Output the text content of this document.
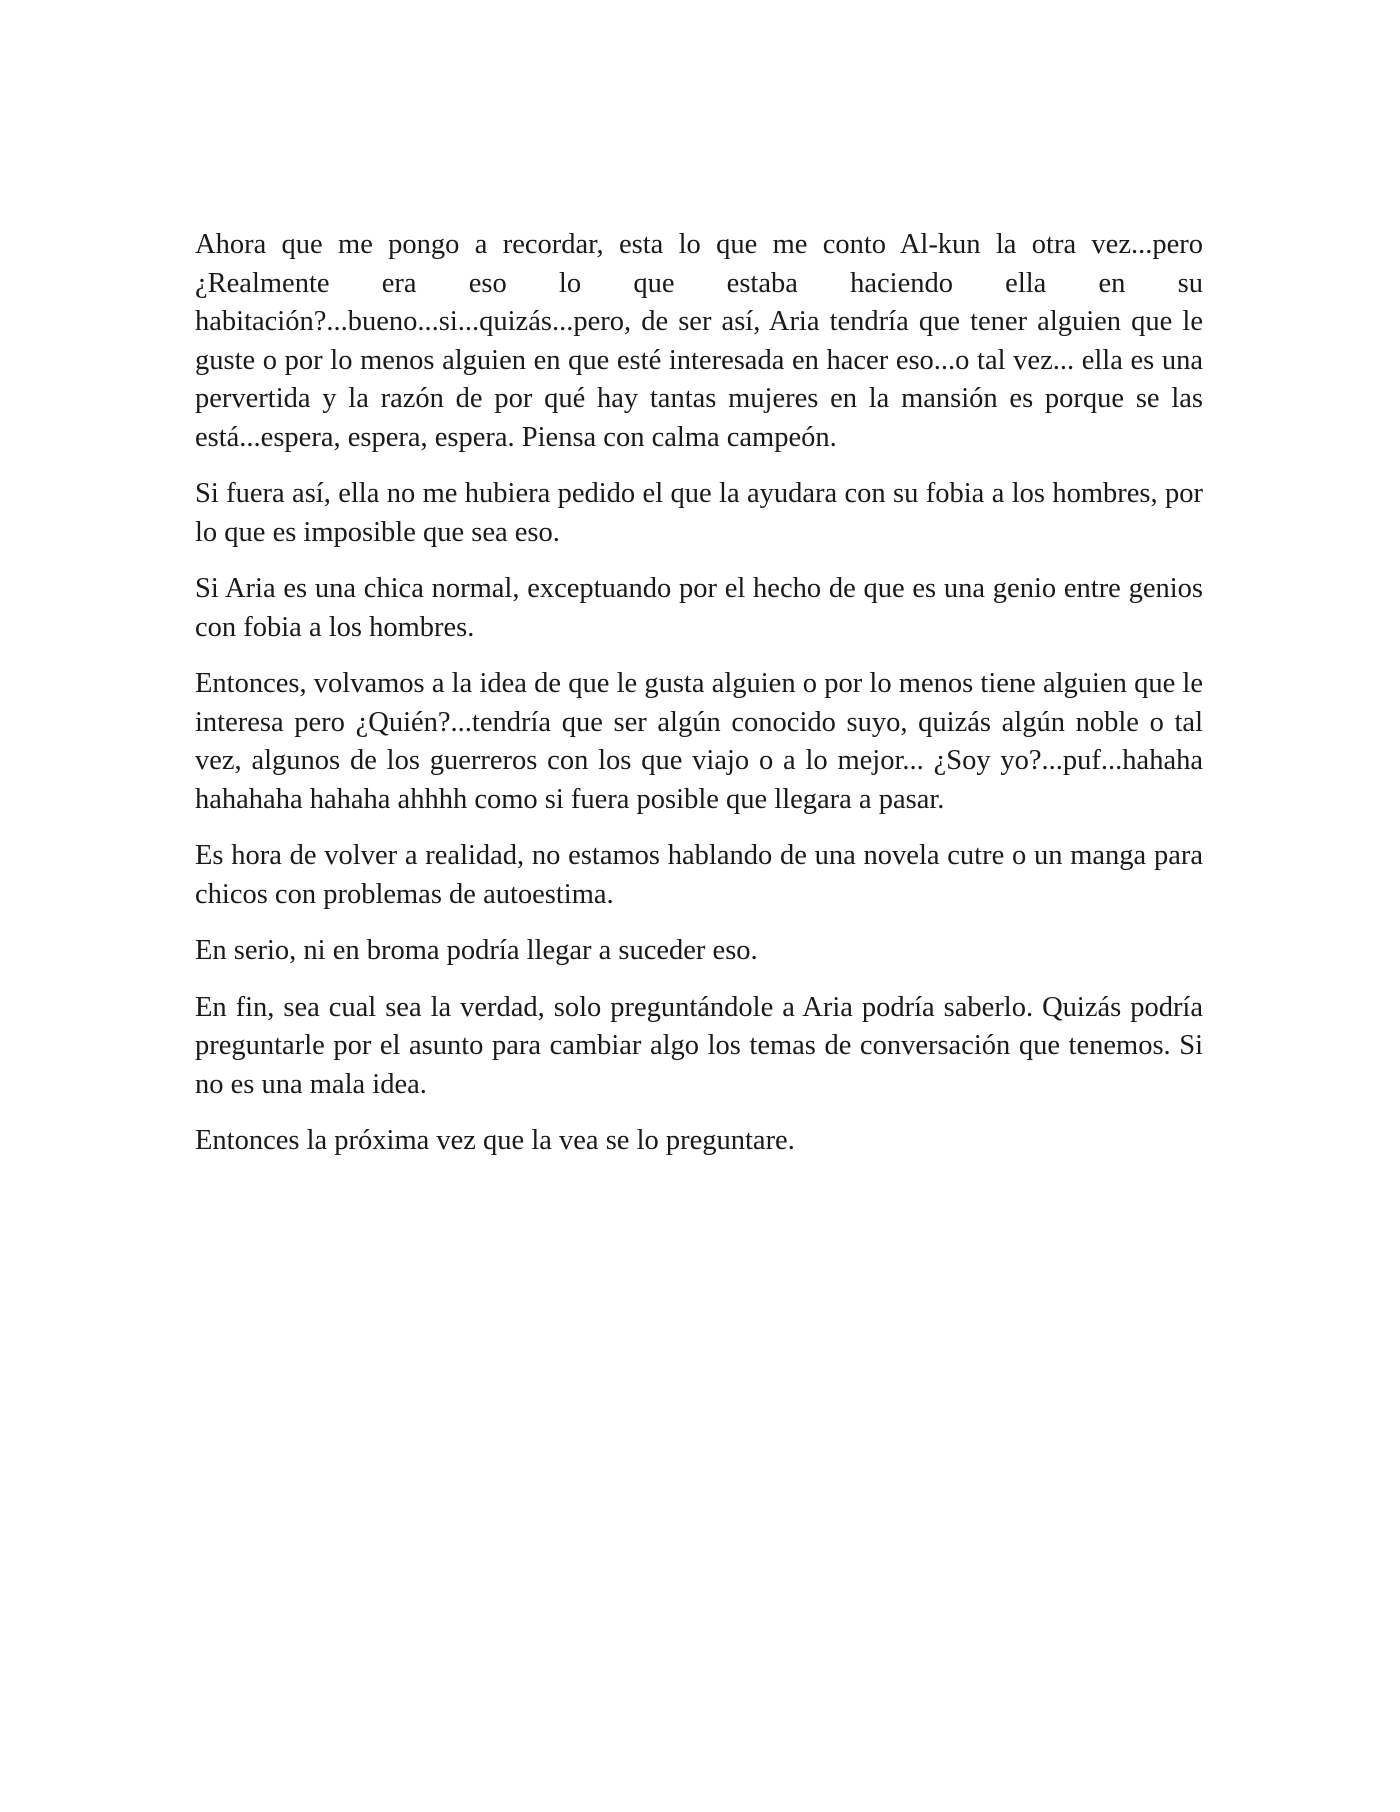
Ahora que me pongo a recordar, esta lo que me conto Al-kun la otra vez...pero ¿Realmente era eso lo que estaba haciendo ella en su habitación?...bueno...si...quizás...pero, de ser así, Aria tendría que tener alguien que le guste o por lo menos alguien en que esté interesada en hacer eso...o tal vez... ella es una pervertida y la razón de por qué hay tantas mujeres en la mansión es porque se las está...espera, espera, espera. Piensa con calma campeón.

Si fuera así, ella no me hubiera pedido el que la ayudara con su fobia a los hombres, por lo que es imposible que sea eso.

Si Aria es una chica normal, exceptuando por el hecho de que es una genio entre genios con fobia a los hombres.

Entonces, volvamos a la idea de que le gusta alguien o por lo menos tiene alguien que le interesa pero ¿Quién?...tendría que ser algún conocido suyo, quizás algún noble o tal vez, algunos de los guerreros con los que viajo o a lo mejor... ¿Soy yo?...puf...hahaha hahahaha hahaha ahhhh como si fuera posible que llegara a pasar.

Es hora de volver a realidad, no estamos hablando de una novela cutre o un manga para chicos con problemas de autoestima.

En serio, ni en broma podría llegar a suceder eso.

En fin, sea cual sea la verdad, solo preguntándole a Aria podría saberlo. Quizás podría preguntarle por el asunto para cambiar algo los temas de conversación que tenemos. Si no es una mala idea.

Entonces la próxima vez que la vea se lo preguntare.
